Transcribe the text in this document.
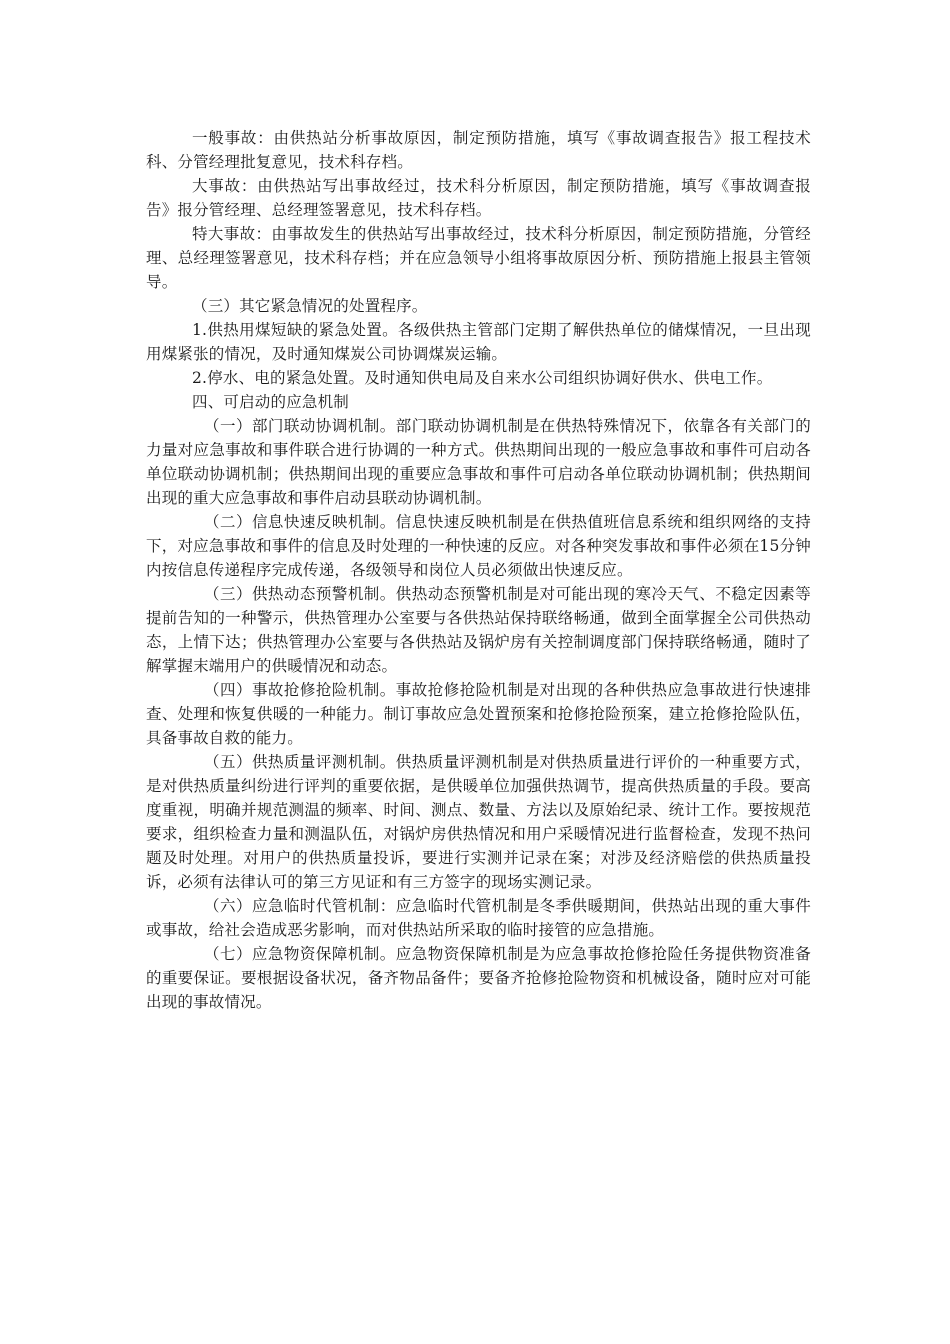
一般事故：由供热站分析事故原因，制定预防措施，填写《事故调查报告》报工程技术科、分管经理批复意见，技术科存档。

大事故：由供热站写出事故经过，技术科分析原因，制定预防措施，填写《事故调查报告》报分管经理、总经理签署意见，技术科存档。

特大事故：由事故发生的供热站写出事故经过，技术科分析原因，制定预防措施，分管经理、总经理签署意见，技术科存档；并在应急领导小组将事故原因分析、预防措施上报县主管领导。

（三）其它紧急情况的处置程序。

1.供热用煤短缺的紧急处置。各级供热主管部门定期了解供热单位的储煤情况，一旦出现用煤紧张的情况，及时通知煤炭公司协调煤炭运输。

2.停水、电的紧急处置。及时通知供电局及自来水公司组织协调好供水、供电工作。

四、可启动的应急机制

（一）部门联动协调机制。部门联动协调机制是在供热特殊情况下，依靠各有关部门的力量对应急事故和事件联合进行协调的一种方式。供热期间出现的一般应急事故和事件可启动各单位联动协调机制；供热期间出现的重要应急事故和事件可启动各单位联动协调机制；供热期间出现的重大应急事故和事件启动县联动协调机制。

（二）信息快速反映机制。信息快速反映机制是在供热值班信息系统和组织网络的支持下，对应急事故和事件的信息及时处理的一种快速的反应。对各种突发事故和事件必须在15分钟内按信息传递程序完成传递，各级领导和岗位人员必须做出快速反应。

（三）供热动态预警机制。供热动态预警机制是对可能出现的寒冷天气、不稳定因素等提前告知的一种警示，供热管理办公室要与各供热站保持联络畅通，做到全面掌握全公司供热动态，上情下达；供热管理办公室要与各供热站及锅炉房有关控制调度部门保持联络畅通，随时了解掌握末端用户的供暖情况和动态。

（四）事故抢修抢险机制。事故抢修抢险机制是对出现的各种供热应急事故进行快速排查、处理和恢复供暖的一种能力。制订事故应急处置预案和抢修抢险预案，建立抢修抢险队伍，具备事故自救的能力。

（五）供热质量评测机制。供热质量评测机制是对供热质量进行评价的一种重要方式，是对供热质量纠纷进行评判的重要依据，是供暖单位加强供热调节，提高供热质量的手段。要高度重视，明确并规范测温的频率、时间、测点、数量、方法以及原始纪录、统计工作。要按规范要求，组织检查力量和测温队伍，对锅炉房供热情况和用户采暖情况进行监督检查，发现不热问题及时处理。对用户的供热质量投诉，要进行实测并记录在案；对涉及经济赔偿的供热质量投诉，必须有法律认可的第三方见证和有三方签字的现场实测记录。

（六）应急临时代管机制：应急临时代管机制是冬季供暖期间，供热站出现的重大事件或事故，给社会造成恶劣影响，而对供热站所采取的临时接管的应急措施。

（七）应急物资保障机制。应急物资保障机制是为应急事故抢修抢险任务提供物资准备的重要保证。要根据设备状况，备齐物品备件；要备齐抢修抢险物资和机械设备，随时应对可能出现的事故情况。
